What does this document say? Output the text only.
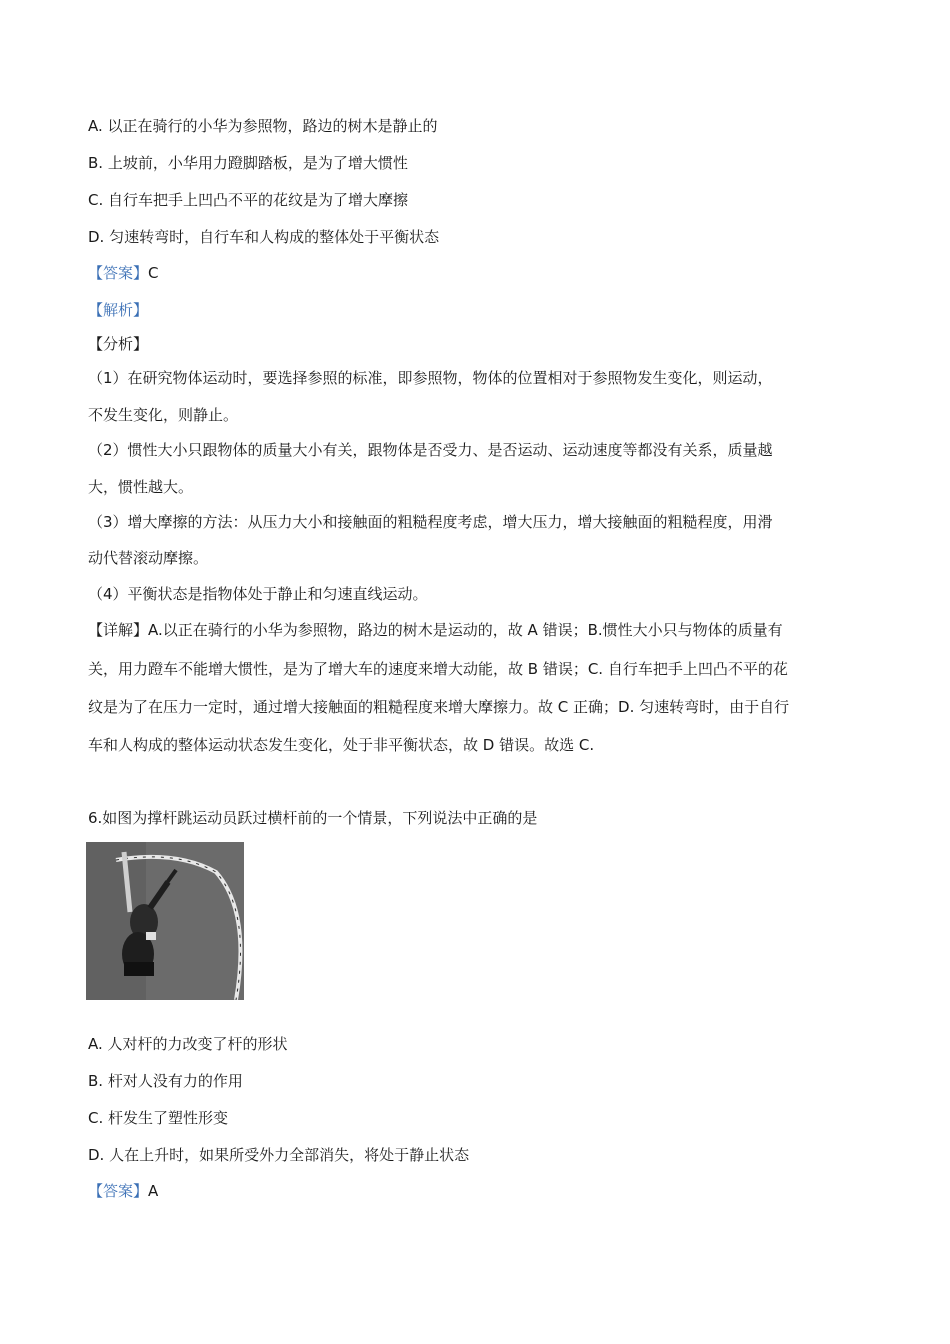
A. 以正在骑行的小华为参照物，路边的树木是静止的
B. 上坡前，小华用力蹬脚踏板，是为了增大惯性
C. 自行车把手上凹凸不平的花纹是为了增大摩擦
D. 匀速转弯时，自行车和人构成的整体处于平衡状态
【答案】C
【解析】
【分析】
（1）在研究物体运动时，要选择参照的标准，即参照物，物体的位置相对于参照物发生变化，则运动，
不发生变化，则静止。
（2）惯性大小只跟物体的质量大小有关，跟物体是否受力、是否运动、运动速度等都没有关系，质量越
大，惯性越大。
（3）增大摩擦的方法：从压力大小和接触面的粗糙程度考虑，增大压力，增大接触面的粗糙程度，用滑
动代替滚动摩擦。
（4）平衡状态是指物体处于静止和匀速直线运动。
【详解】A.以正在骑行的小华为参照物，路边的树木是运动的，故 A 错误；B.惯性大小只与物体的质量有
关，用力蹬车不能增大惯性，是为了增大车的速度来增大动能，故 B 错误；C. 自行车把手上凹凸不平的花
纹是为了在压力一定时，通过增大接触面的粗糙程度来增大摩擦力。故 C 正确；D. 匀速转弯时，由于自行
车和人构成的整体运动状态发生变化，处于非平衡状态，故 D 错误。故选 C.
6.如图为撑杆跳运动员跃过横杆前的一个情景，下列说法中正确的是
A. 人对杆的力改变了杆的形状
B. 杆对人没有力的作用
C. 杆发生了塑性形变
D. 人在上升时，如果所受外力全部消失，将处于静止状态
【答案】A
